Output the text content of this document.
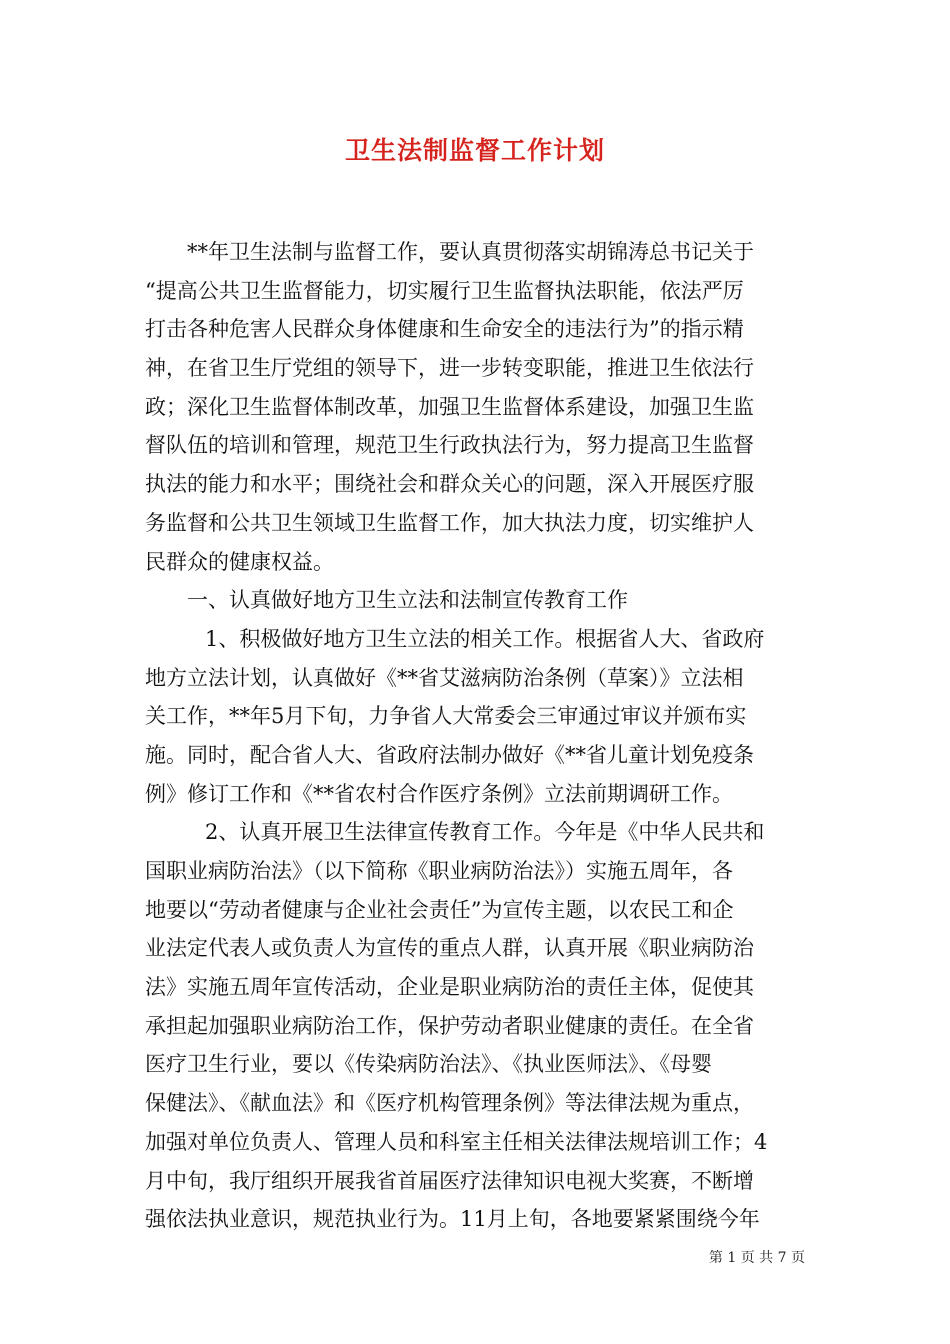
卫生法制监督工作计划
**年卫生法制与监督工作，要认真贯彻落实胡锦涛总书记关于
“提高公共卫生监督能力，切实履行卫生监督执法职能，依法严厉
打击各种危害人民群众身体健康和生命安全的违法行为”的指示精
神，在省卫生厅党组的领导下，进一步转变职能，推进卫生依法行
政；深化卫生监督体制改革，加强卫生监督体系建设，加强卫生监
督队伍的培训和管理，规范卫生行政执法行为，努力提高卫生监督
执法的能力和水平；围绕社会和群众关心的问题，深入开展医疗服
务监督和公共卫生领域卫生监督工作，加大执法力度，切实维护人
民群众的健康权益。
一、认真做好地方卫生立法和法制宣传教育工作
1、积极做好地方卫生立法的相关工作。根据省人大、省政府
地方立法计划，认真做好《**省艾滋病防治条例（草案）》立法相
关工作，**年5月下旬，力争省人大常委会三审通过审议并颁布实
施。同时，配合省人大、省政府法制办做好《**省儿童计划免疫条
例》修订工作和《**省农村合作医疗条例》立法前期调研工作。
2、认真开展卫生法律宣传教育工作。今年是《中华人民共和
国职业病防治法》（以下简称《职业病防治法》）实施五周年，各
地要以“劳动者健康与企业社会责任”为宣传主题，以农民工和企
业法定代表人或负责人为宣传的重点人群，认真开展《职业病防治
法》实施五周年宣传活动，企业是职业病防治的责任主体，促使其
承担起加强职业病防治工作，保护劳动者职业健康的责任。在全省
医疗卫生行业，要以《传染病防治法》、《执业医师法》、《母婴
保健法》、《献血法》和《医疗机构管理条例》等法律法规为重点，
加强对单位负责人、管理人员和科室主任相关法律法规培训工作；4
月中旬，我厅组织开展我省首届医疗法律知识电视大奖赛，不断增
强依法执业意识，规范执业行为。11月上旬，各地要紧紧围绕今年
第 1 页 共 7 页
